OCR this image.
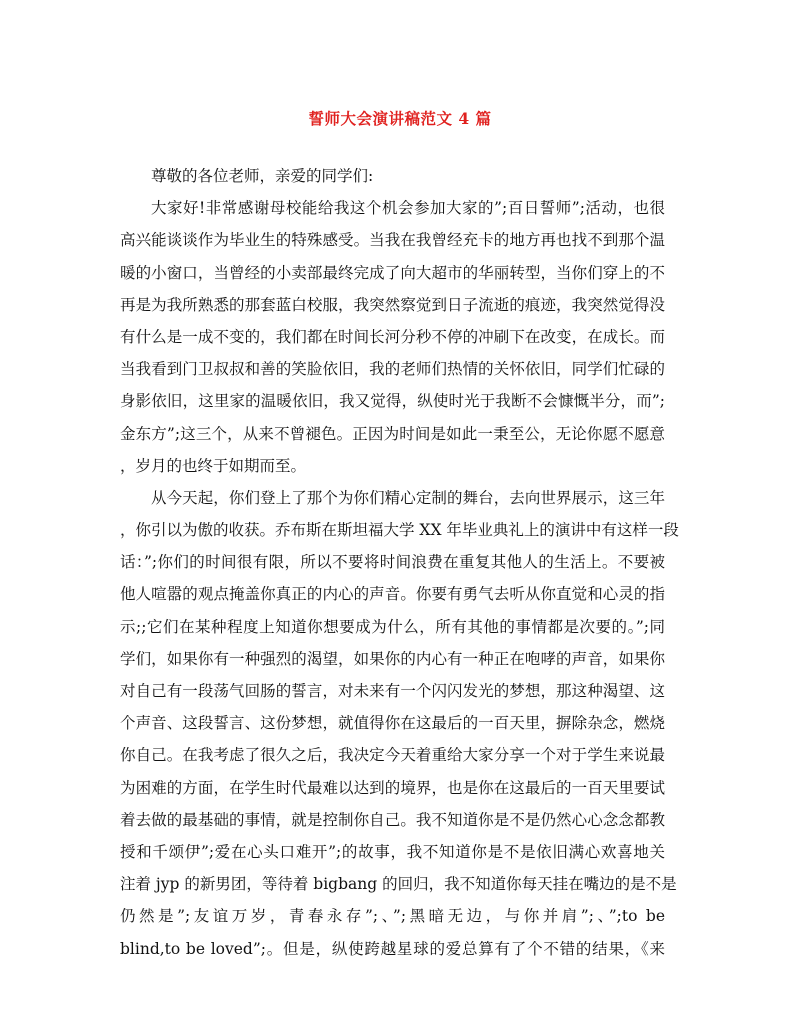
誓师大会演讲稿范文 4 篇
尊敬的各位老师，亲爱的同学们:
大家好!非常感谢母校能给我这个机会参加大家的”;百日誓师”;活动，也很
高兴能谈谈作为毕业生的特殊感受。当我在我曾经充卡的地方再也找不到那个温
暖的小窗口，当曾经的小卖部最终完成了向大超市的华丽转型，当你们穿上的不
再是为我所熟悉的那套蓝白校服，我突然察觉到日子流逝的痕迹，我突然觉得没
有什么是一成不变的，我们都在时间长河分秒不停的冲刷下在改变，在成长。而
当我看到门卫叔叔和善的笑脸依旧，我的老师们热情的关怀依旧，同学们忙碌的
身影依旧，这里家的温暖依旧，我又觉得，纵使时光于我断不会慷慨半分，而”;
金东方”;这三个，从来不曾褪色。正因为时间是如此一秉至公，无论你愿不愿意
，岁月的也终于如期而至。
从今天起，你们登上了那个为你们精心定制的舞台，去向世界展示，这三年
，你引以为傲的收获。乔布斯在斯坦福大学 XX 年毕业典礼上的演讲中有这样一段
话：”;你们的时间很有限，所以不要将时间浪费在重复其他人的生活上。不要被
他人喧嚣的观点掩盖你真正的内心的声音。你要有勇气去听从你直觉和心灵的指
示;;它们在某种程度上知道你想要成为什么，所有其他的事情都是次要的。”;同
学们，如果你有一种强烈的渴望，如果你的内心有一种正在咆哮的声音，如果你
对自己有一段荡气回肠的誓言，对未来有一个闪闪发光的梦想，那这种渴望、这
个声音、这段誓言、这份梦想，就值得你在这最后的一百天里，摒除杂念，燃烧
你自己。在我考虑了很久之后，我决定今天着重给大家分享一个对于学生来说最
为困难的方面，在学生时代最难以达到的境界，也是你在这最后的一百天里要试
着去做的最基础的事情，就是控制你自己。我不知道你是不是仍然心心念念都教
授和千颂伊”;爱在心头口难开”;的故事，我不知道你是不是依旧满心欢喜地关
注着 jyp 的新男团，等待着 bigbang 的回归，我不知道你每天挂在嘴边的是不是
仍然是”;友谊万岁，青春永存”;、”;黑暗无边，与你并肩”;、”;to be
blind,to be loved”;。但是，纵使跨越星球的爱总算有了个不错的结果，《来
